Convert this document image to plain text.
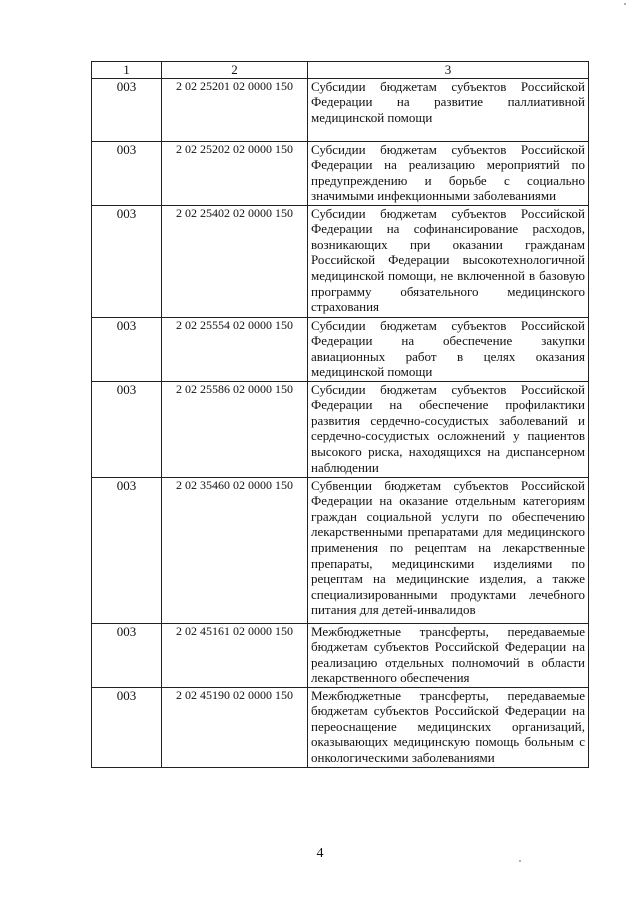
1	2	3
003	2 02 25201 02 0000 150	Субсидии бюджетам субъектов Российской Федерации на развитие паллиативной медицинской помощи
003	2 02 25202 02 0000 150	Субсидии бюджетам субъектов Российской Федерации на реализацию мероприятий по предупреждению и борьбе с социально значимыми инфекционными заболеваниями
003	2 02 25402 02 0000 150	Субсидии бюджетам субъектов Российской Федерации на софинансирование расходов, возникающих при оказании гражданам Российской Федерации высокотехнологичной медицинской помощи, не включенной в базовую программу обязательного медицинского страхования
003	2 02 25554 02 0000 150	Субсидии бюджетам субъектов Российской Федерации на обеспечение закупки авиационных работ в целях оказания медицинской помощи
003	2 02 25586 02 0000 150	Субсидии бюджетам субъектов Российской Федерации на обеспечение профилактики развития сердечно-сосудистых заболеваний и сердечно-сосудистых осложнений у пациентов высокого риска, находящихся на диспансерном наблюдении
003	2 02 35460 02 0000 150	Субвенции бюджетам субъектов Российской Федерации на оказание отдельным категориям граждан социальной услуги по обеспечению лекарственными препаратами для медицинского применения по рецептам на лекарственные препараты, медицинскими изделиями по рецептам на медицинские изделия, а также специализированными продуктами лечебного питания для детей-инвалидов
003	2 02 45161 02 0000 150	Межбюджетные трансферты, передаваемые бюджетам субъектов Российской Федерации на реализацию отдельных полномочий в области лекарственного обеспечения
003	2 02 45190 02 0000 150	Межбюджетные трансферты, передаваемые бюджетам субъектов Российской Федерации на переоснащение медицинских организаций, оказывающих медицинскую помощь больным с онкологическими заболеваниями
4
